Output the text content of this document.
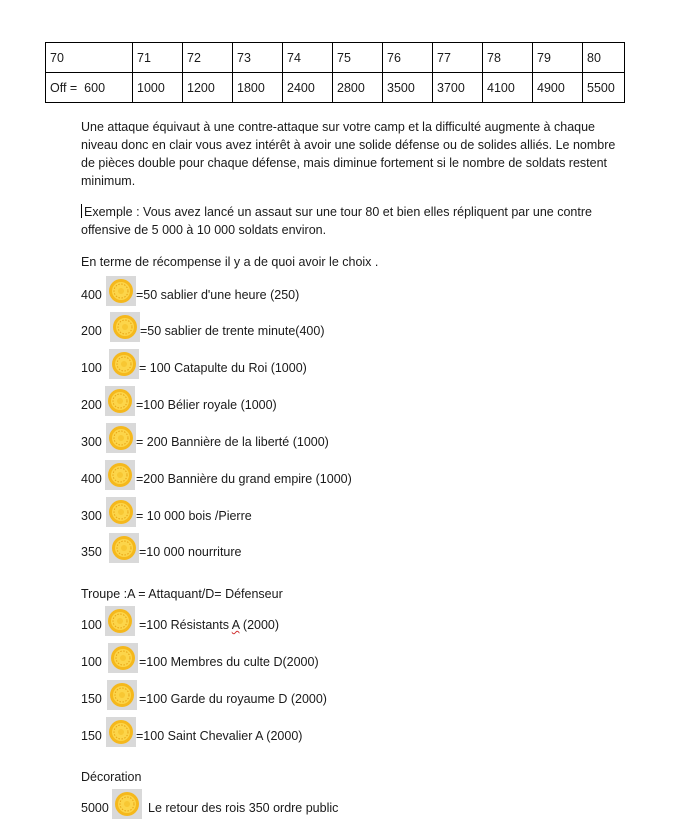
70	71	72	73	74	75	76	77	78	79	80
Off =  600	1000	1200	1800	2400	2800	3500	3700	4100	4900	5500

Une attaque équivaut à une contre-attaque sur votre camp et la difficulté augmente à chaque niveau donc en clair vous avez intérêt à avoir une solide défense ou de solides alliés. Le nombre de pièces double pour chaque défense, mais diminue fortement si le nombre de soldats restent minimum.

Exemple : Vous avez lancé un assaut sur une tour 80 et bien elles répliquent par une contre offensive de 5 000 à 10 000 soldats environ.

En terme de récompense il y a de quoi avoir le choix .

400	=50 sablier d'une heure (250)
200	=50 sablier de trente minute(400)
100	= 100 Catapulte du Roi (1000)
200	=100 Bélier royale (1000)
300	= 200 Bannière de la liberté (1000)
400	=200 Bannière du grand empire (1000)
300	= 10 000 bois /Pierre
350	=10 000 nourriture

Troupe :A = Attaquant/D= Défenseur

100	=100 Résistants A (2000)
100	=100 Membres du culte D(2000)
150	=100 Garde du royaume D (2000)
150	=100 Saint Chevalier A (2000)

Décoration

5000	Le retour des rois 350 ordre public
